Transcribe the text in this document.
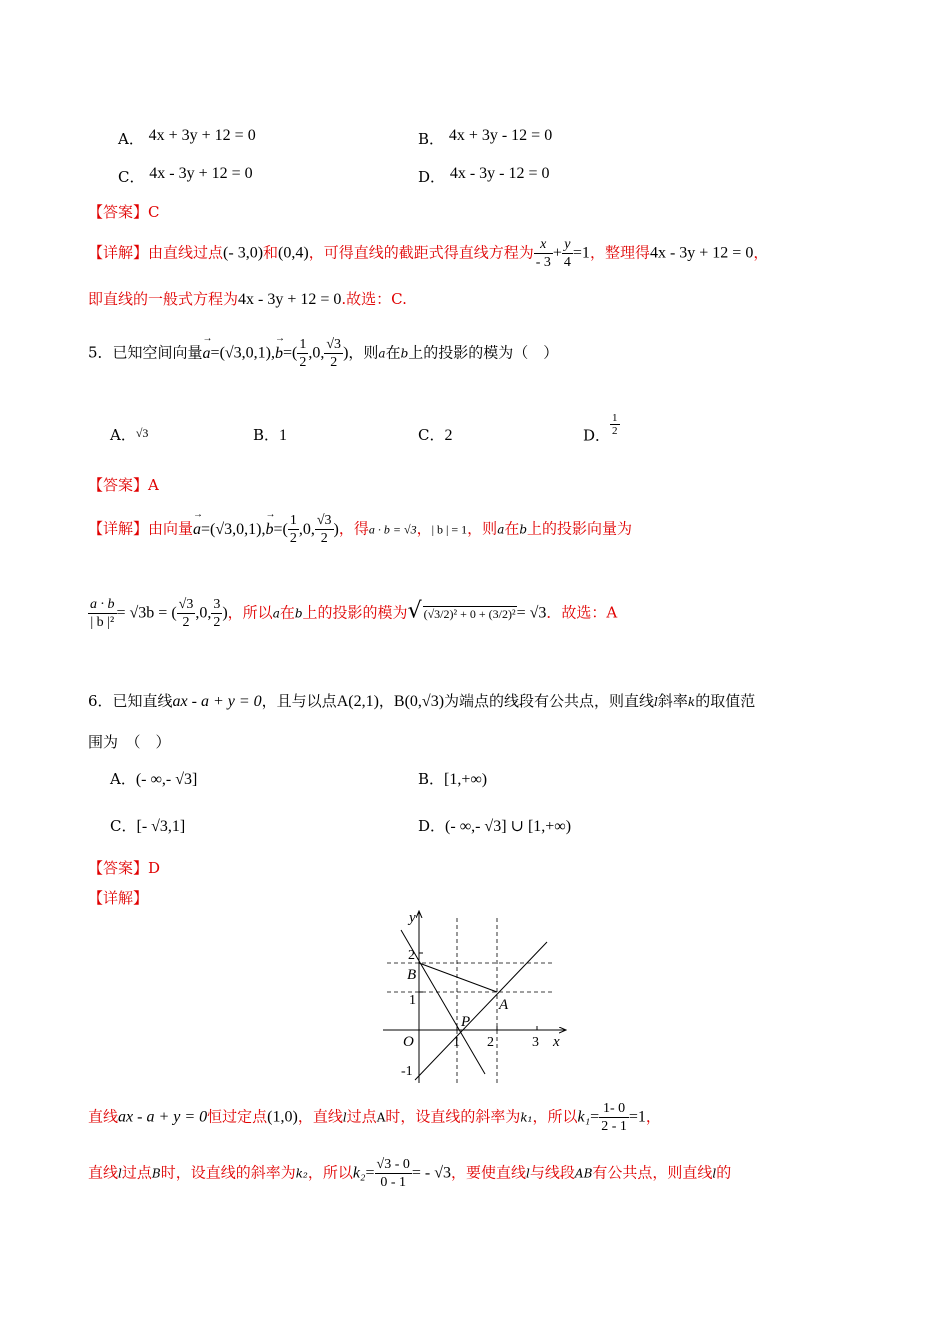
A． 4x + 3y + 12 = 0	B． 4x + 3y - 12 = 0
C． 4x - 3y + 12 = 0	D． 4x - 3y - 12 = 0
【答案】C
【详解】由直线过点(- 3,0)和(0,4)，可得直线的截距式得直线方程为 $\frac{x}{- 3} + \frac{y}{4} =1$，整理得4x - 3y + 12 = 0，
即直线的一般式方程为4x - 3y + 12 = 0.故选：C.
5．已知空间向量→ $a=(√3,0,1),\to b=( \frac{1}{2} ,0$, $\frac{√3}{2}$ )，则a在b上的投影的模为（　）
A．$^{√3}$	B．1	C．2	D． $\frac{1}{2}$
【答案】A
【详解】由向量→ $a=(√3,0,1),\to b=( \frac{1}{2} ,0$, $\frac{√3}{2}$ )，得a · b = √3，| b | = 1，则a在b上的投影向量为
$\frac{a \cdot b}{\text{| b |²}} = √3b$ = ( $\frac{√3}{2} ,0$, $\frac{3}{2}$ )，所以a在b上的投影的模为√ (√3/2)² + 0 + (3/2)²= √3．故选：A
6．已知直线ax - a + y = 0，且与以点A(2,1)，B(0,√3)为端点的线段有公共点，则直线l斜率k的取值范
围为　（　）
A．(- ∞,- √3]	B．[1,+∞)
C．[- √3,1]	D．(- ∞,- √3] ∪ [1,+∞)
【答案】D
【详解】
y
x
O	1 2	3
2
1
-1
B
A
P
直线ax - a + y = 0恒过定点(1,0)，直线l过点A时，设直线的斜率为k₁，所以$k_1= \frac{1- 0}{2 - 1} =1$，
直线l过点B时，设直线的斜率为k₂，所以$k_2= \frac{√3 - 0}{0 - 1}$ = - √3，要使直线l与线段AB有公共点，则直线l的
